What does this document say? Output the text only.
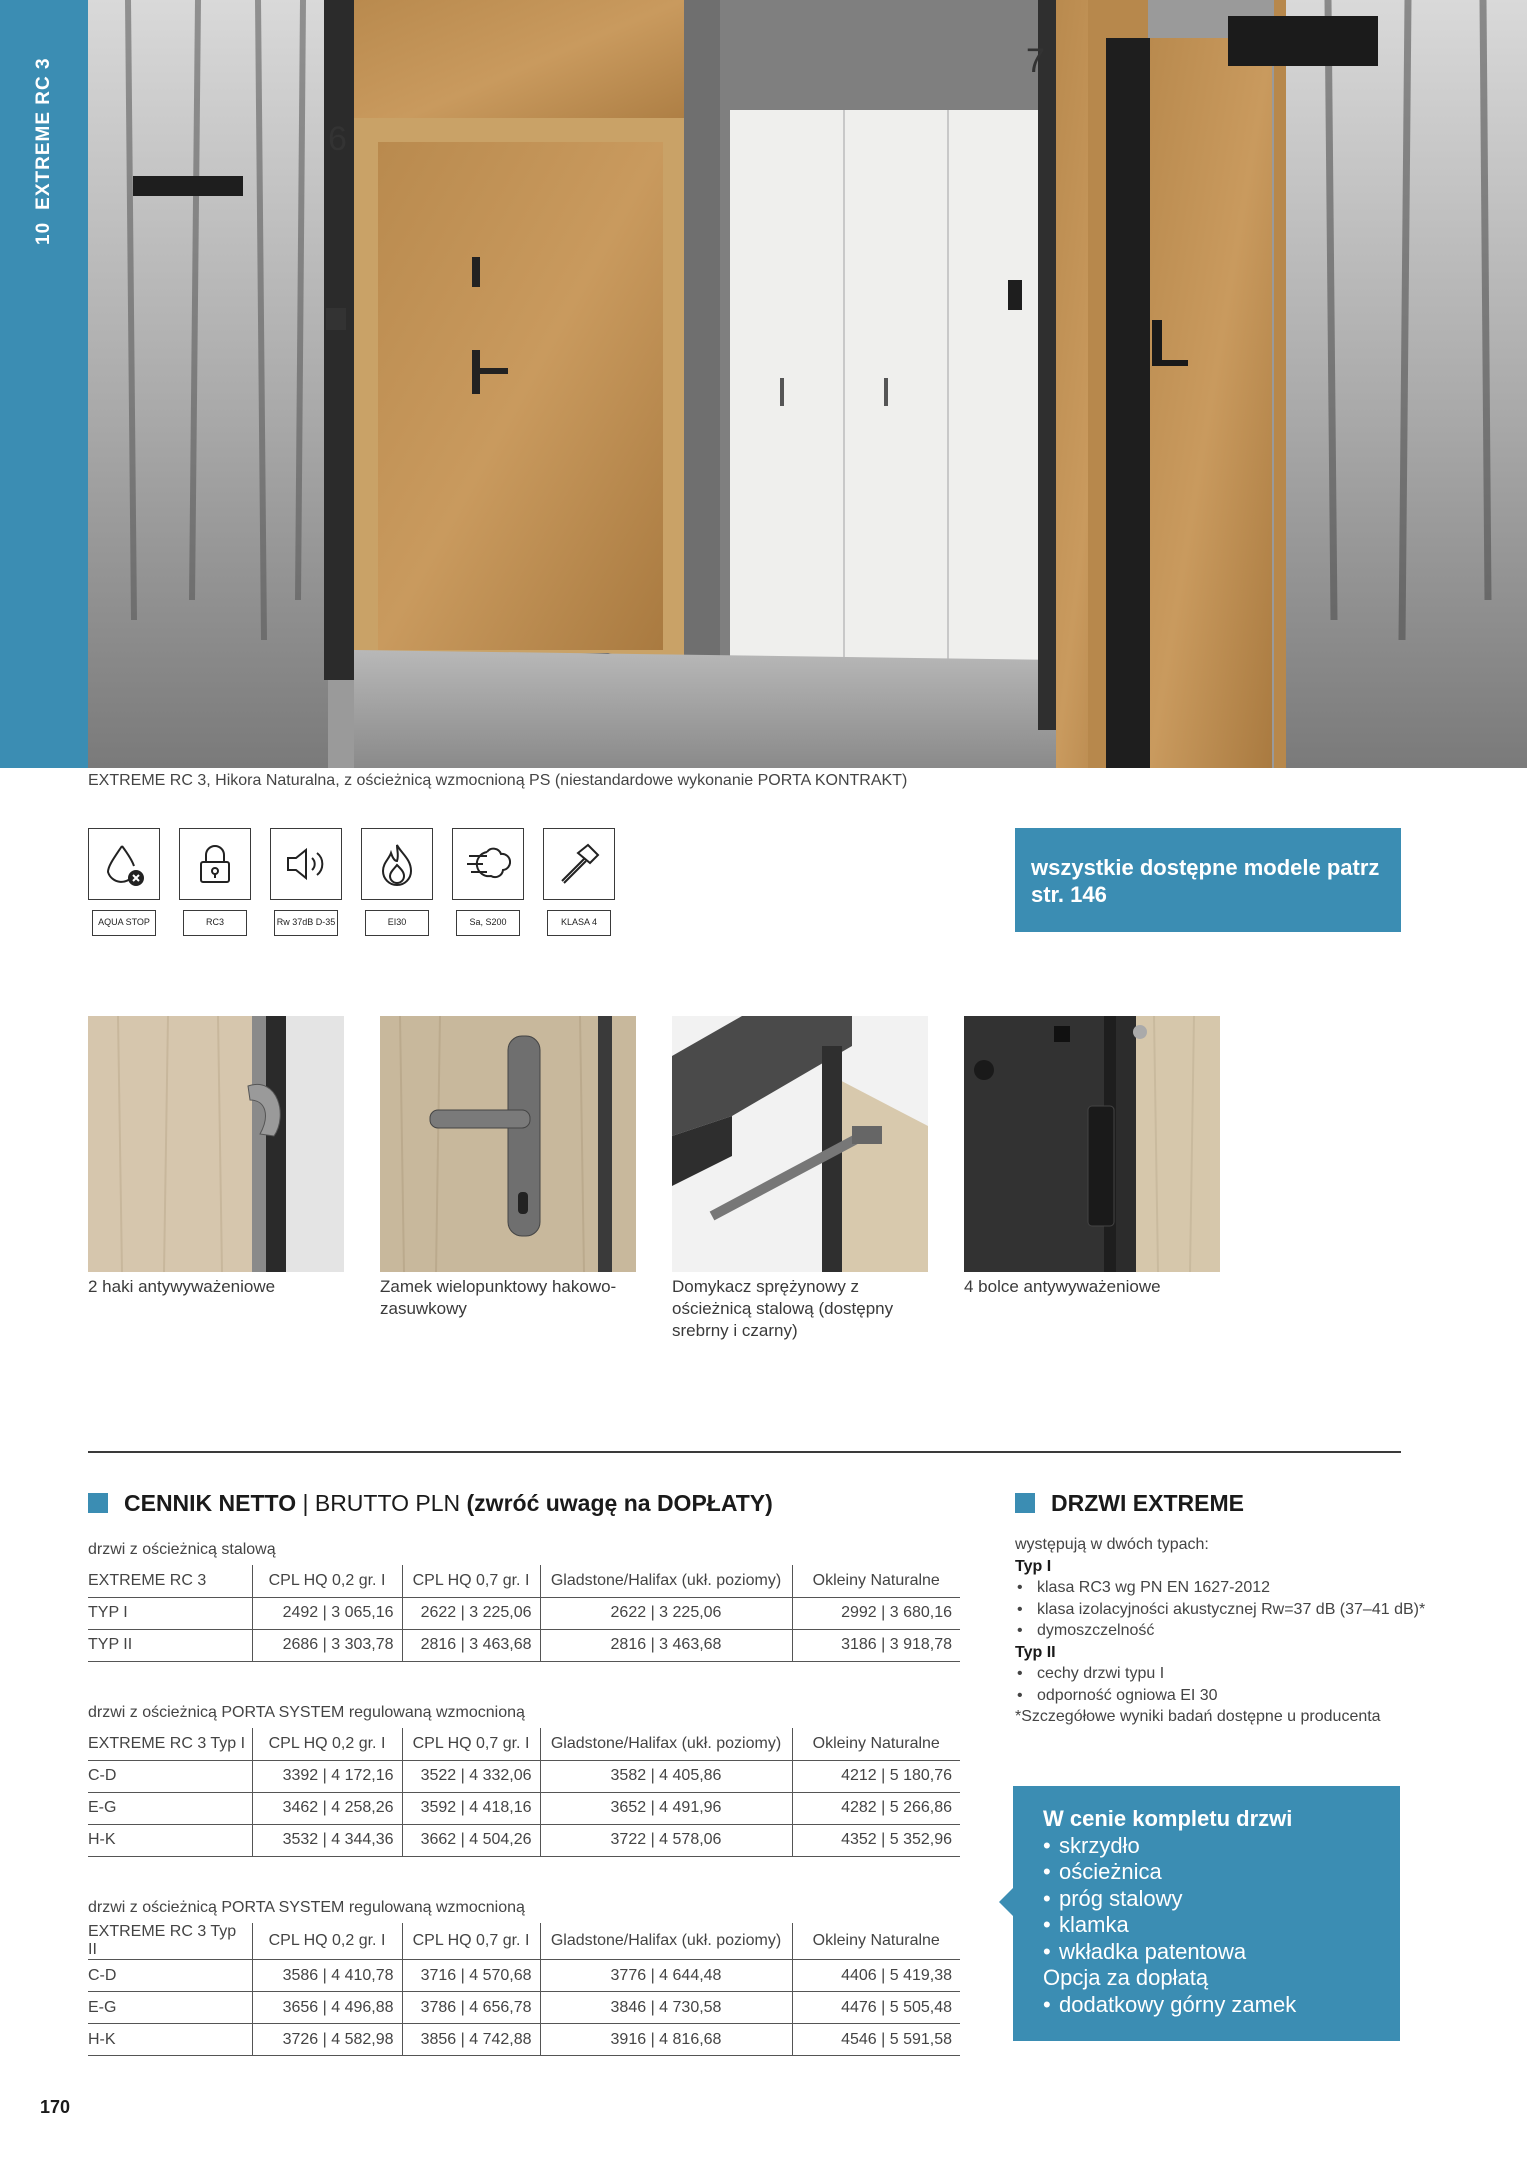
10EXTREME RC 3	6
7
EXTREME RC 3, Hikora Naturalna, z ościeżnicą wzmocnioną PS (niestandardowe wykonanie PORTA KONTRAKT)
AQUA STOP	RC3	Rw 37dB D-35	EI30	Sa, S200	KLASA 4
wszystkie dostępne modele patrz str. 146
2 haki antywyważeniowe	Zamek wielopunktowy hakowo-zasuwkowy
Domykacz sprężynowy z ościeżnicą stalową (dostępny srebrny i czarny)
4 bolce antywyważeniowe
CENNIK NETTO | BRUTTO PLN (zwróć uwagę na DOPŁATY)
drzwi z ościeżnicą stalową
EXTREME RC 3	CPL HQ 0,2 gr. I	CPL HQ 0,7 gr. I	Gladstone/Halifax (ukł. poziomy)	Okleiny Naturalne
TYP I	2492 | 3 065,16	2622 | 3 225,06	2622 | 3 225,06	2992 | 3 680,16
TYP II	2686 | 3 303,78	2816 | 3 463,68	2816 | 3 463,68	3186 | 3 918,78
drzwi z ościeżnicą PORTA SYSTEM regulowaną wzmocnioną
EXTREME RC 3 Typ I	CPL HQ 0,2 gr. I	CPL HQ 0,7 gr. I	Gladstone/Halifax (ukł. poziomy)	Okleiny Naturalne
C-D	3392 | 4 172,16	3522 | 4 332,06	3582 | 4 405,86	4212 | 5 180,76
E-G	3462 | 4 258,26	3592 | 4 418,16	3652 | 4 491,96	4282 | 5 266,86
H-K	3532 | 4 344,36	3662 | 4 504,26	3722 | 4 578,06	4352 | 5 352,96
drzwi z ościeżnicą PORTA SYSTEM regulowaną wzmocnioną
EXTREME RC 3 Typ II	CPL HQ 0,2 gr. I	CPL HQ 0,7 gr. I	Gladstone/Halifax (ukł. poziomy)	Okleiny Naturalne
C-D	3586 | 4 410,78	3716 | 4 570,68	3776 | 4 644,48	4406 | 5 419,38
E-G	3656 | 4 496,88	3786 | 4 656,78	3846 | 4 730,58	4476 | 5 505,48
H-K	3726 | 4 582,98	3856 | 4 742,88	3916 | 4 816,68	4546 | 5 591,58
DRZWI EXTREME
występują w dwóch typach:
Typ I
• klasa RC3 wg PN EN 1627-2012
• klasa izolacyjności akustycznej Rw=37 dB (37–41 dB)*
• dymoszczelność
Typ II
• cechy drzwi typu I
• odporność ogniowa EI 30
*Szczegółowe wyniki badań dostępne u producenta
W cenie kompletu drzwi
• skrzydło
• ościeżnica
• próg stalowy
• klamka
• wkładka patentowa
Opcja za dopłatą
• dodatkowy górny zamek
170
